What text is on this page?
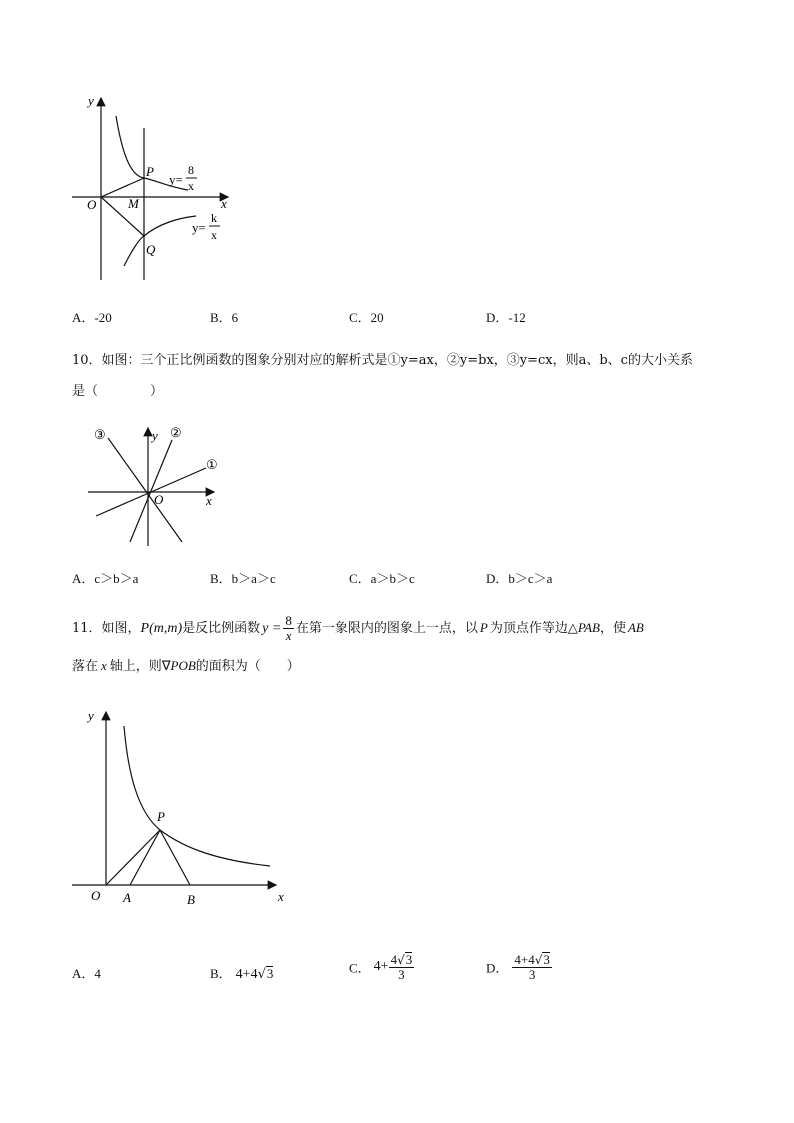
y
x
O
P
M
Q
y=
8
x
y=
k
x
A．-20	B．6	C．20	D．-12
10．如图：三个正比例函数的图象分别对应的解析式是①y=ax，②y=bx，③y=cx，则a、b、c的大小关系
是（　　　　）
y
x
O
①
②
③
A．c＞b＞a	B．b＞a＞c	C．a＞b＞c	D．b＞c＞a
11．如图，P(m,m)是反比例函数 $y = \frac{8}{x}$ 在第一象限内的图象上一点，以 P 为顶点作等边△PAB，使 AB
落在 x 轴上，则∇POB的面积为（　　）
y
x
O
P
A	B
A．4	B． 4+4√3	C． $4+ \frac{4√3}{3}$	D． $\frac{4+4√3}{3}$
